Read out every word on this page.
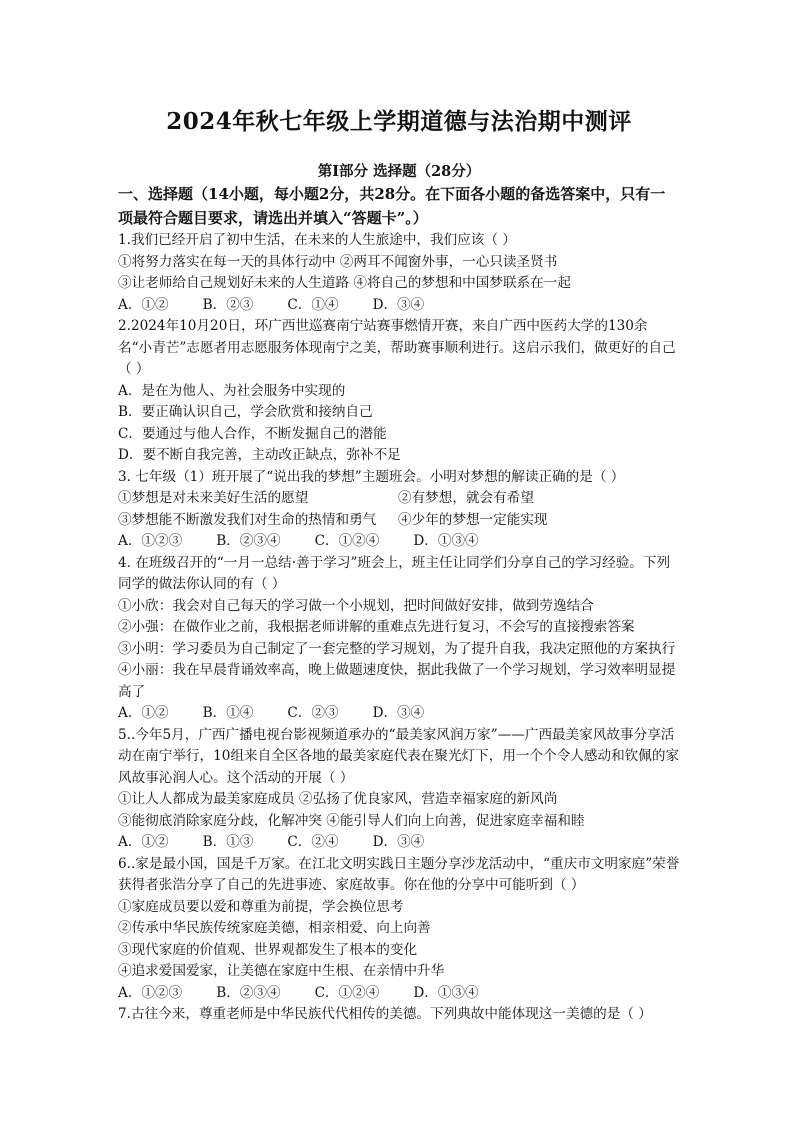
2024年秋七年级上学期道德与法治期中测评
第I部分 选择题（28分）

一、选择题（14小题，每小题2分，共28分。在下面各小题的备选答案中，只有一项最符合题目要求，请选出并填入“答题卡”。）

1.我们已经开启了初中生活，在未来的人生旅途中，我们应该（ ）

①将努力落实在每一天的具体行动中 ②两耳不闻窗外事，一心只读圣贤书

③让老师给自己规划好未来的人生道路 ④将自己的梦想和中国梦联系在一起

A．①②	B．②③	C．①④	D．③④

2.2024年10月20日，环广西世巡赛南宁站赛事燃情开赛，来自广西中医药大学的130余名“小青芒”志愿者用志愿服务体现南宁之美，帮助赛事顺利进行。这启示我们，做更好的自己（ ）

A．是在为他人、为社会服务中实现的

B．要正确认识自己，学会欣赏和接纳自己

C．要通过与他人合作，不断发掘自己的潜能

D．要不断自我完善，主动改正缺点，弥补不足

3. 七年级（1）班开展了“说出我的梦想”主题班会。小明对梦想的解读正确的是（ ）

①梦想是对未来美好生活的愿望	②有梦想，就会有希望

③梦想能不断激发我们对生命的热情和勇气 ④少年的梦想一定能实现

A．①②③	B．②③④	C．①②④	D．①③④

4. 在班级召开的“一月一总结·善于学习”班会上，班主任让同学们分享自己的学习经验。下列同学的做法你认同的有（ ）

①小欣：我会对自己每天的学习做一个小规划，把时间做好安排，做到劳逸结合

②小强：在做作业之前，我根据老师讲解的重难点先进行复习，不会写的直接搜索答案

③小明：学习委员为自己制定了一套完整的学习规划，为了提升自我，我决定照他的方案执行

④小丽：我在早晨背诵效率高，晚上做题速度快，据此我做了一个学习规划，学习效率明显提高了

A．①②	B．①④	C．②③	D．③④

5..今年5月，广西广播电视台影视频道承办的“最美家风润万家”——广西最美家风故事分享活动在南宁举行，10组来自全区各地的最美家庭代表在聚光灯下，用一个个令人感动和钦佩的家风故事沁润人心。这个活动的开展（ ）

①让人人都成为最美家庭成员 ②弘扬了优良家风，营造幸福家庭的新风尚

③能彻底消除家庭分歧，化解冲突 ④能引导人们向上向善，促进家庭幸福和睦

A．①②	B．①③	C．②④	D．③④

6..家是最小国，国是千万家。在江北文明实践日主题分享沙龙活动中，“重庆市文明家庭”荣誉获得者张浩分享了自己的先进事迹、家庭故事。你在他的分享中可能听到（ ）

①家庭成员要以爱和尊重为前提，学会换位思考

②传承中华民族传统家庭美德，相亲相爱、向上向善

③现代家庭的价值观、世界观都发生了根本的变化

④追求爱国爱家，让美德在家庭中生根、在亲情中升华

A．①②③	B．②③④	C．①②④	D．①③④

7.古往今来，尊重老师是中华民族代代相传的美德。下列典故中能体现这一美德的是（ ）
